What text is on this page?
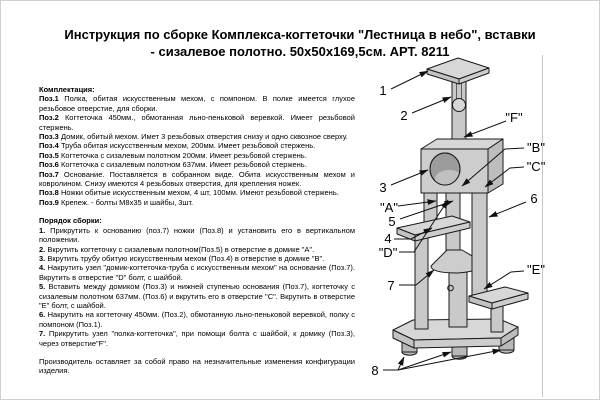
Инструкция по сборке Комплекса-когтеточки "Лестница в небо", вставки
- сизалевое полотно. 50х50х169,5см. АРТ. 8211

Комплектация:

Поз.1 Полка, обитая искусственным мехом, с помпоном. В полке имеется глухое резьбовое отверстие, для сборки.

Поз.2 Когтеточка 450мм., обмотанная льно-пеньковой веревкой. Имеет резьбовой стержень.

Поз.3 Домик, обитый мехом. Имет 3 резьбовых отверстия снизу и одно сквозное сверху.

Поз.4 Труба обитая искусственным мехом, 200мм. Имеет резьбовой стержень.

Поз.5 Когтеточка с сизалевым полотном 200мм. Имеет резьбовой стержень.

Поз.6 Когтеточка с сизалевым полотном 637мм. Имеет резьбовой стержень.

Поз.7 Основание. Поставляется в собранном виде. Обита искусственным мехом и ковролином. Снизу имеются 4 резьбовых отверстия, для крепления ножек.

Поз.8 Ножки обитые искусственным мехом, 4 шт, 100мм. Имеют резьбовой стержень.

Поз.9 Крепеж. - болты М8х35 и шайбы, 3шт.

Порядок сборки:

1. Прикрутить к основанию (поз.7) ножки (Поз.8) и установить его в вертикальном положении.

2. Вкрутить когтеточку с сизалевым полотном(Поз.5) в отверстие в домике "А".

3. Вкрутить трубу обитую искусственным мехом (Поз.4) в отверстие в домике "В".

4. Накрутить узел "домик-когтеточка-труба с искусственным мехом" на основание (Поз.7). Вкрутить в отверстие "D" болт, с шайбой.

5. Вставить между домиком (Поз.3) и нижней ступенью основания (Поз.7), когтеточку с сизалевым полотном 637мм. (Поз.6) и вкрутить его в отверстие "С". Вкрутить в отверстие "Е" болт, с шайбой.

6. Накрутить на когтеточку 450мм. (Поз.2), обмотанную льно-пеньковой веревкой, полку с помпоном (Поз.1).

7. Прикрутить узел "полка-когтеточка", при помощи болта с шайбой, к домику (Поз.3), через отверстие"F".

Производитель оставляет за собой право на незначительные изменения конфигурации изделия.

1
2	"F"
3
"B"
"C"
6
"A"
5
4
"D"
7
"E"
8
